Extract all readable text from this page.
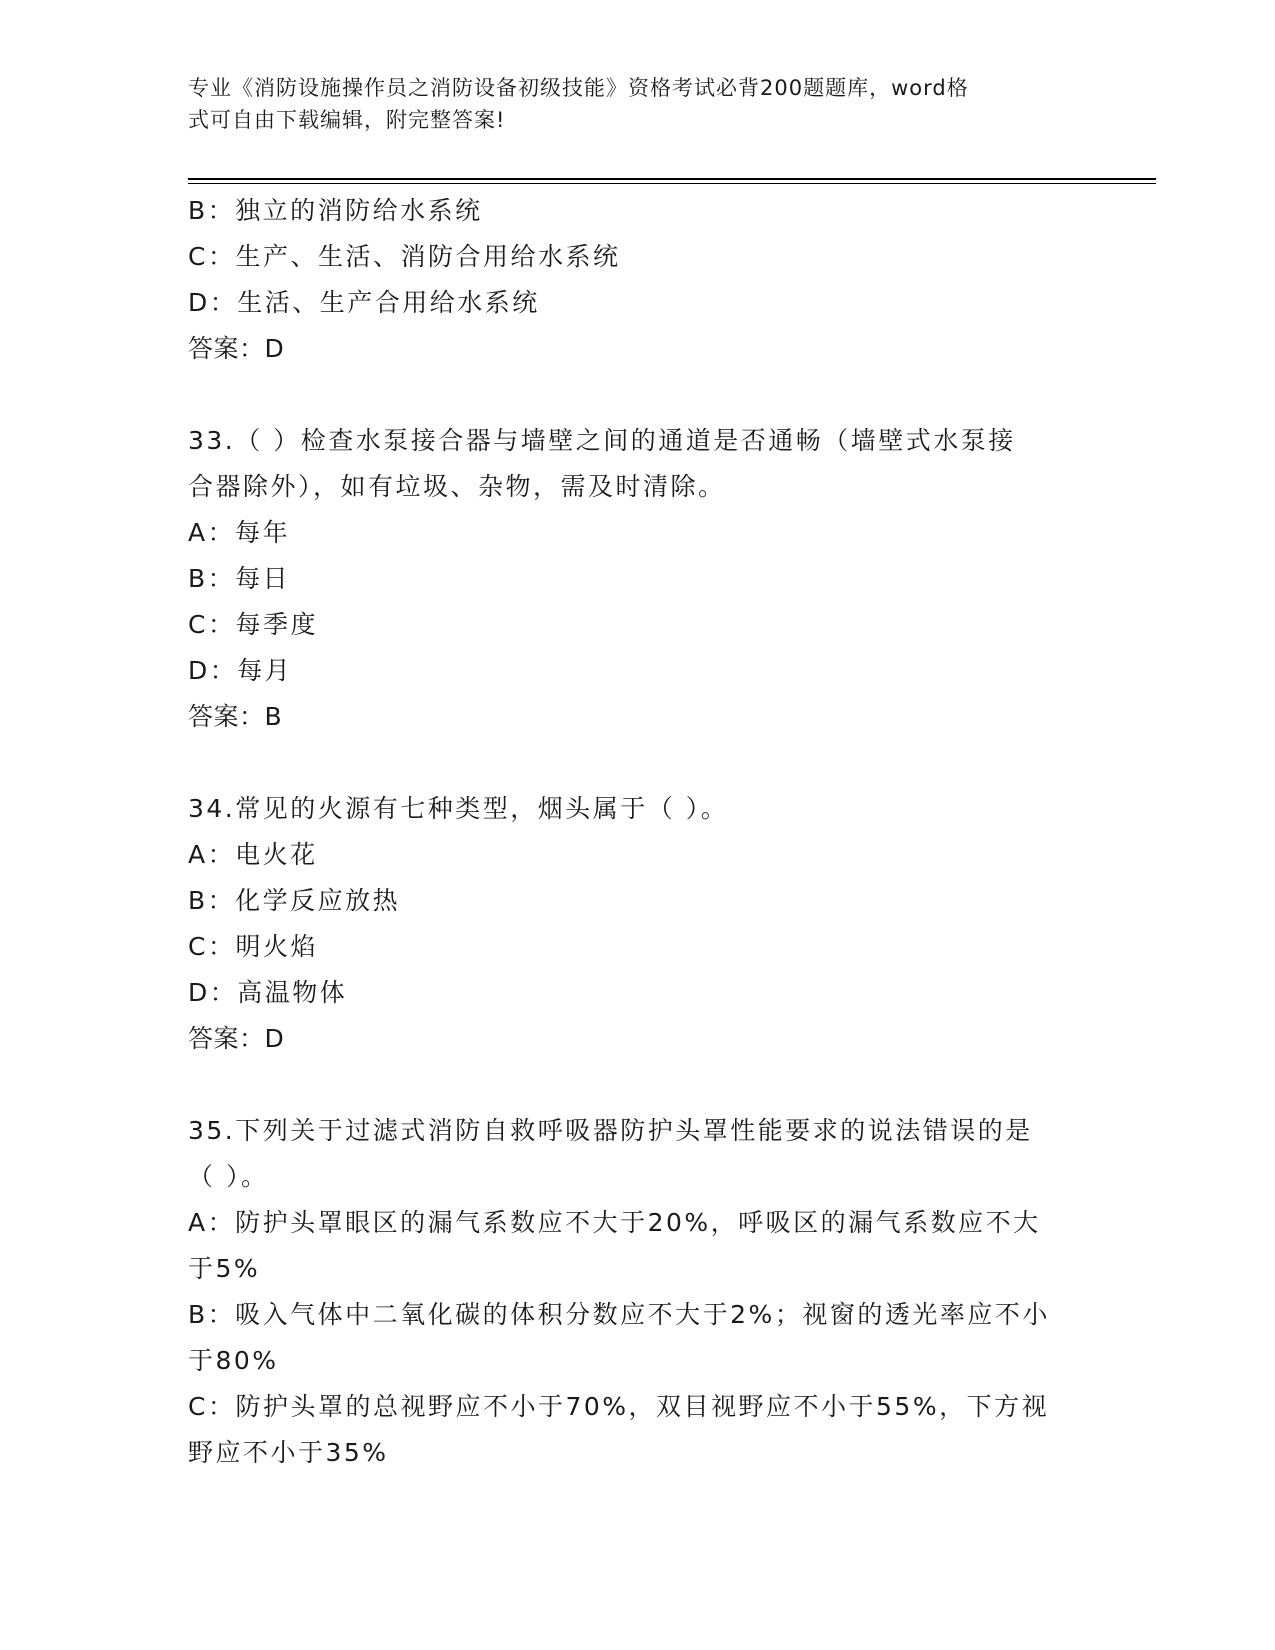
专业《消防设施操作员之消防设备初级技能》资格考试必背200题题库，word格
式可自由下载编辑，附完整答案!
B：独立的消防给水系统
C：生产、生活、消防合用给水系统
D：生活、生产合用给水系统
答案：D
33.（ ）检查水泵接合器与墙壁之间的通道是否通畅（墙壁式水泵接
合器除外），如有垃圾、杂物，需及时清除。
A：每年
B：每日
C：每季度
D：每月
答案：B
34.常见的火源有七种类型，烟头属于（ ）。
A：电火花
B：化学反应放热
C：明火焰
D：高温物体
答案：D
35.下列关于过滤式消防自救呼吸器防护头罩性能要求的说法错误的是
（ ）。
A：防护头罩眼区的漏气系数应不大于20%，呼吸区的漏气系数应不大
于5%
B：吸入气体中二氧化碳的体积分数应不大于2%；视窗的透光率应不小
于80%
C：防护头罩的总视野应不小于70%，双目视野应不小于55%，下方视
野应不小于35%
